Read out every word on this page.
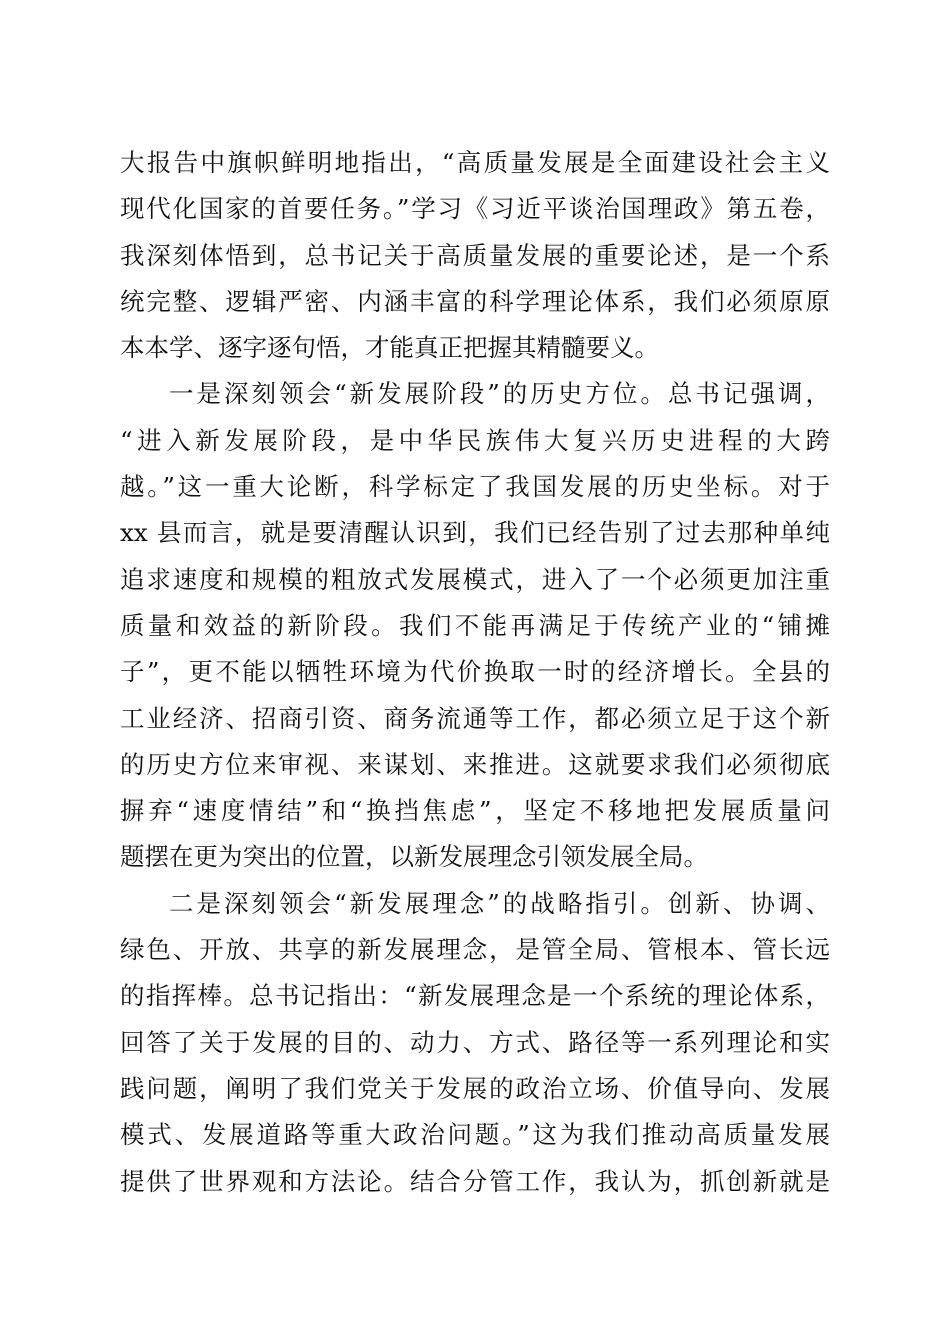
大报告中旗帜鲜明地指出，“高质量发展是全面建设社会主义
现代化国家的首要任务。”学习《习近平谈治国理政》第五卷，
我深刻体悟到，总书记关于高质量发展的重要论述，是一个系
统完整、逻辑严密、内涵丰富的科学理论体系，我们必须原原
本本学、逐字逐句悟，才能真正把握其精髓要义。
一是深刻领会“新发展阶段”的历史方位。总书记强调，
“进入新发展阶段，是中华民族伟大复兴历史进程的大跨
越。”这一重大论断，科学标定了我国发展的历史坐标。对于
xx 县而言，就是要清醒认识到，我们已经告别了过去那种单纯
追求速度和规模的粗放式发展模式，进入了一个必须更加注重
质量和效益的新阶段。我们不能再满足于传统产业的“铺摊
子”，更不能以牺牲环境为代价换取一时的经济增长。全县的
工业经济、招商引资、商务流通等工作，都必须立足于这个新
的历史方位来审视、来谋划、来推进。这就要求我们必须彻底
摒弃“速度情结”和“换挡焦虑”，坚定不移地把发展质量问
题摆在更为突出的位置，以新发展理念引领发展全局。
二是深刻领会“新发展理念”的战略指引。创新、协调、
绿色、开放、共享的新发展理念，是管全局、管根本、管长远
的指挥棒。总书记指出：“新发展理念是一个系统的理论体系，
回答了关于发展的目的、动力、方式、路径等一系列理论和实
践问题，阐明了我们党关于发展的政治立场、价值导向、发展
模式、发展道路等重大政治问题。”这为我们推动高质量发展
提供了世界观和方法论。结合分管工作，我认为，抓创新就是
